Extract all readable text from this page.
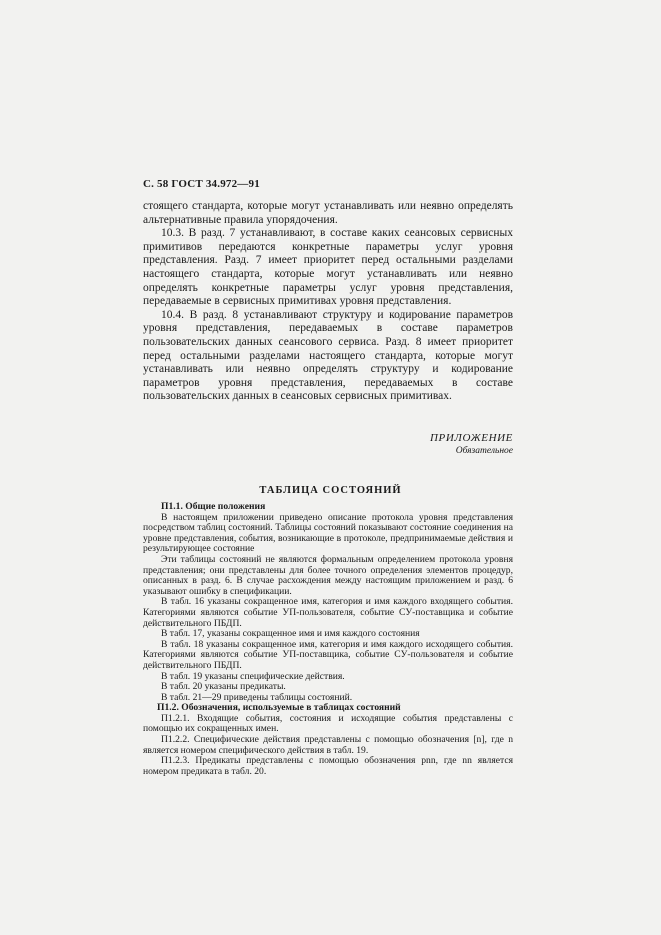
С. 58 ГОСТ 34.972—91

стоящего стандарта, которые могут устанавливать или неявно определять альтернативные правила упорядочения.

10.3. В разд. 7 устанавливают, в составе каких сеансовых сервисных примитивов передаются конкретные параметры услуг уровня представления. Разд. 7 имеет приоритет перед остальными разделами настоящего стандарта, которые могут устанавливать или неявно определять конкретные параметры услуг уровня представления, передаваемые в сервисных примитивах уровня представления.

10.4. В разд. 8 устанавливают структуру и кодирование параметров уровня представления, передаваемых в составе параметров пользовательских данных сеансового сервиса. Разд. 8 имеет приоритет перед остальными разделами настоящего стандарта, которые могут устанавливать или неявно определять структуру и кодирование параметров уровня представления, передаваемых в составе пользовательских данных в сеансовых сервисных примитивах.

ПРИЛОЖЕНИЕ
Обязательное
ТАБЛИЦА СОСТОЯНИЙ

П1.1. Общие положения

В настоящем приложении приведено описание протокола уровня представления посредством таблиц состояний. Таблицы состояний показывают состояние соединения на уровне представления, события, возникающие в протоколе, предпринимаемые действия и результирующее состояние

Эти таблицы состояний не являются формальным определением протокола уровня представления; они представлены для более точного определения элементов процедур, описанных в разд. 6. В случае расхождения между настоящим приложением и разд. 6 указывают ошибку в спецификации.

В табл. 16 указаны сокращенное имя, категория и имя каждого входящего события. Категориями являются событие УП-пользователя, событие СУ-поставщика и событие действительного ПБДП.

В табл. 17, указаны сокращенное имя и имя каждого состояния

В табл. 18 указаны сокращенное имя, категория и имя каждого исходящего события. Категориями являются событие УП-поставщика, событие СУ-пользователя и событие действительного ПБДП.

В табл. 19 указаны специфические действия.

В табл. 20 указаны предикаты.

В табл. 21—29 приведены таблицы состояний.

П1.2. Обозначения, используемые в таблицах состояний

П1.2.1. Входящие события, состояния и исходящие события представлены с помощью их сокращенных имен.

П1.2.2. Специфические действия представлены с помощью обозначения [n], где n является номером специфического действия в табл. 19.

П1.2.3. Предикаты представлены с помощью обозначения pnn, где nn является номером предиката в табл. 20.
